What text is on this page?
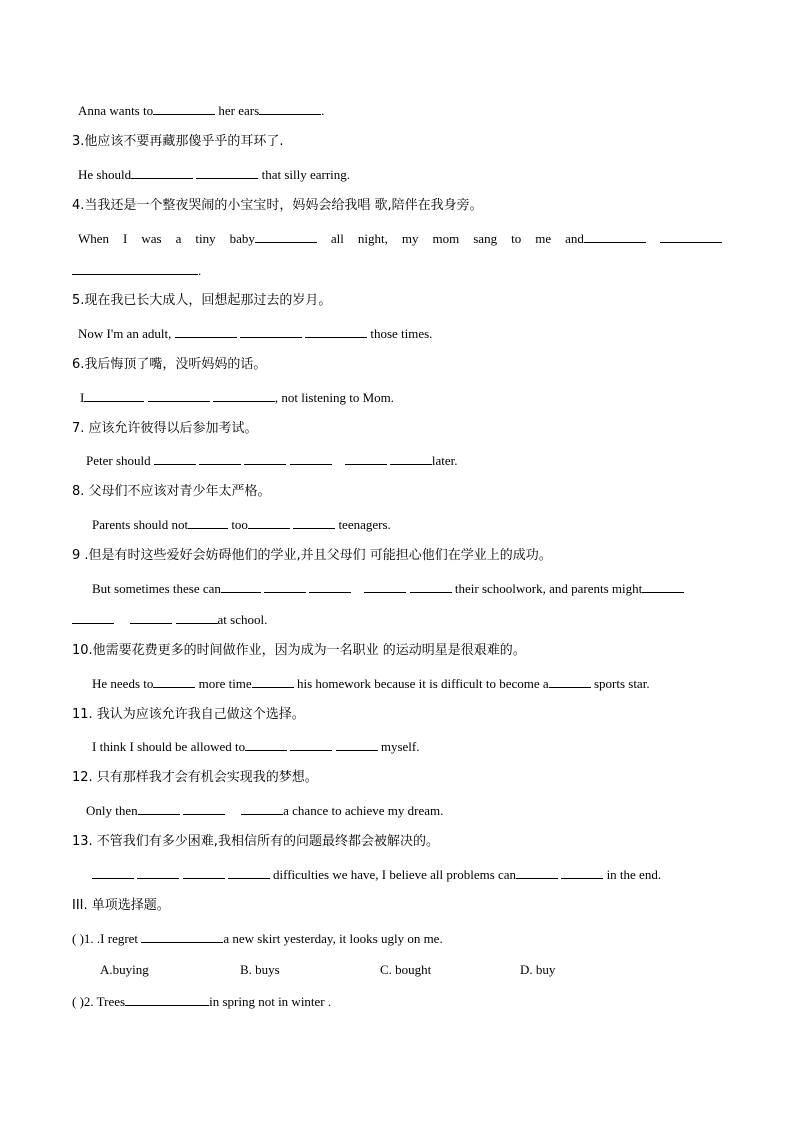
Anna wants to	her ears	.
3.他应该不要再藏那傻乎乎的耳环了.
He should	that silly earring.
4.当我还是一个整夜哭闹的小宝宝时，妈妈会给我唱 歌,陪伴在我身旁。
When I was a tiny baby	all night, my mom sang to me and
.
5.现在我已长大成人，回想起那过去的岁月。
Now I'm an adult,	those times.
6.我后悔顶了嘴，没听妈妈的话。
I	, not listening to Mom.
7. 应该允许彼得以后参加考试。
Peter should	later.
8. 父母们不应该对青少年太严格。
Parents should not	too	teenagers.
9 .但是有时这些爱好会妨碍他们的学业,并且父母们 可能担心他们在学业上的成功。
But sometimes these can	their schoolwork, and parents might
at school.
10.他需要花费更多的时间做作业，因为成为一名职业 的运动明星是很艰难的。
He needs to	more time	his homework because it is difficult to become a	sports star.
11. 我认为应该允许我自己做这个选择。
I think I should be allowed to	myself.
12. 只有那样我才会有机会实现我的梦想。
Only then	a chance to achieve my dream.
13. 不管我们有多少困难,我相信所有的问题最终都会被解决的。
difficulties we have, I believe all problems can	in the end.
III. 单项选择题。
( )1. .I regret	a new skirt yesterday, it looks ugly on me.
A.buying	B. buys	C. bought	D. buy
( )2. Trees	in spring not in winter .
